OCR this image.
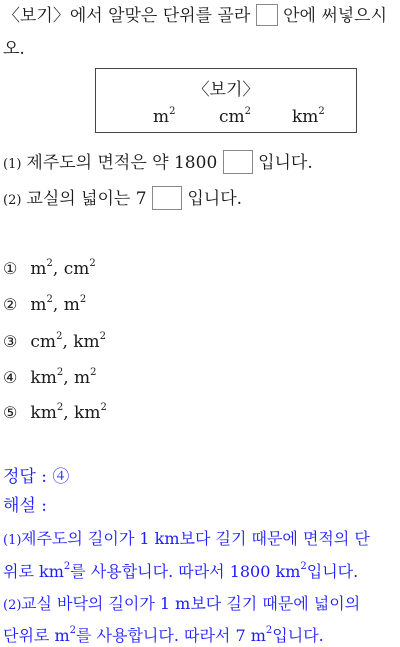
〈보기〉에서 알맞은 단위를 골라 안에 써넣으시
오.
〈보기〉
$m^2$	$cm^2$ $km^2$
(1) 제주도의 면적은 약 1800 입니다.
(2) 교실의 넓이는 7 입니다.
① $m^2$, $cm^2$
② $m^2$, $m^2$
③ $cm^2$, $km^2$
④ $km^2$, $m^2$
⑤ $km^2$, $km^2$
정답 : ④
해설 :
(1)제주도의 길이가 1 km보다 길기 때문에 면적의 단
위로 $km^2$를 사용합니다. 따라서 1800 $km^2$입니다.
(2)교실 바닥의 길이가 1 m보다 길기 때문에 넓이의
단위로 $m^2$를 사용합니다. 따라서 7 $m^2$입니다.
